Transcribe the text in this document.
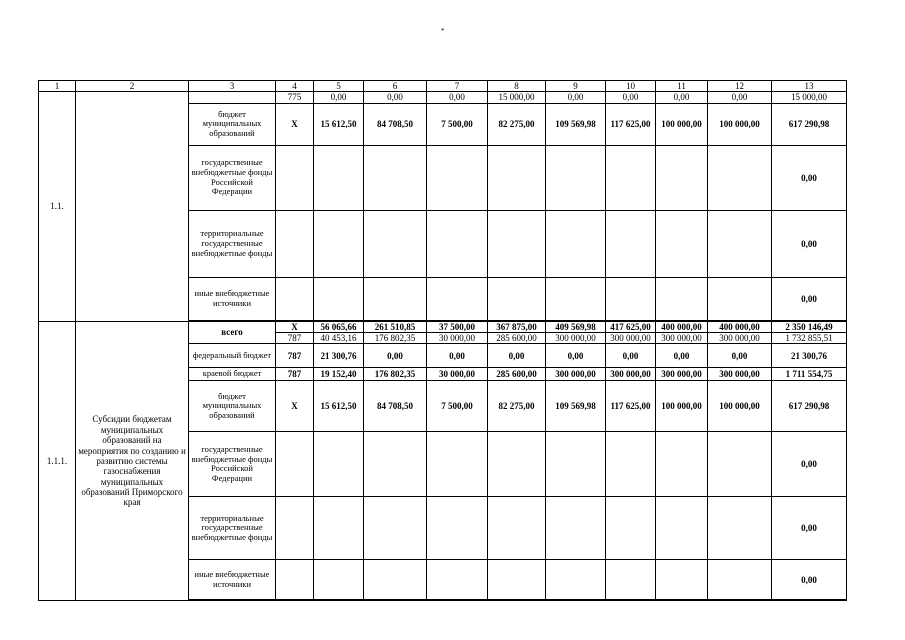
*
1	2	3	4	5	6	7	8	9	10	11	12	13
1.1.			775	0,00	0,00	0,00	15 000,00	0,00	0,00	0,00	0,00	15 000,00
		бюджет муниципальных образований	Х	15 612,50	84 708,50	7 500,00	82 275,00	109 569,98	117 625,00	100 000,00	100 000,00	617 290,98
		государственные внебюджетные фонды Российской Федерации										0,00
		территориальные государственные внебюджетные фонды										0,00
		иные внебюджетные источники										0,00

1.1.1.	Субсидии бюджетам муниципальных образований на мероприятия по созданию и развитию системы газоснабжения муниципальных образований Приморского края	всего	Х	56 065,66	261 510,85	37 500,00	367 875,00	409 569,98	417 625,00	400 000,00	400 000,00	2 350 146,49
			787	40 453,16	176 802,35	30 000,00	285 600,00	300 000,00	300 000,00	300 000,00	300 000,00	1 732 855,51
		федеральный бюджет	787	21 300,76	0,00	0,00	0,00	0,00	0,00	0,00	0,00	21 300,76
		краевой бюджет	787	19 152,40	176 802,35	30 000,00	285 600,00	300 000,00	300 000,00	300 000,00	300 000,00	1 711 554,75
		бюджет муниципальных образований	Х	15 612,50	84 708,50	7 500,00	82 275,00	109 569,98	117 625,00	100 000,00	100 000,00	617 290,98
		государственные внебюджетные фонды Российской Федерации										0,00
		территориальные государственные внебюджетные фонды										0,00
		иные внебюджетные источники										0,00
